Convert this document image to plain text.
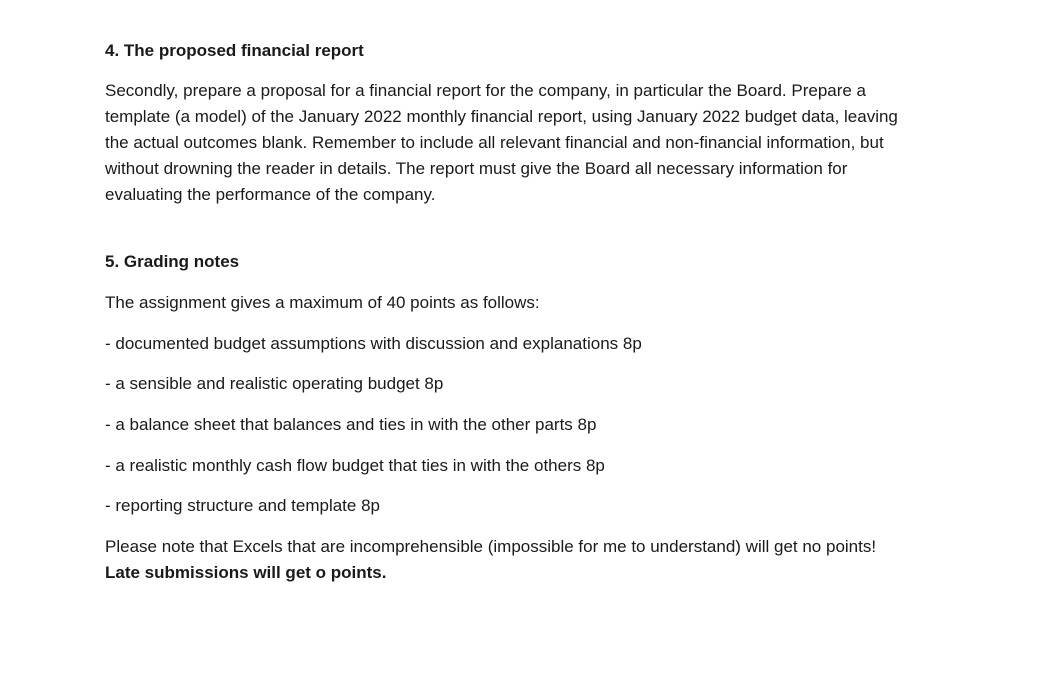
4. The proposed financial report

Secondly, prepare a proposal for a financial report for the company, in particular the Board. Prepare a template (a model) of the January 2022 monthly financial report, using January 2022 budget data, leaving the actual outcomes blank. Remember to include all relevant financial and non-financial information, but without drowning the reader in details. The report must give the Board all necessary information for evaluating the performance of the company.

5. Grading notes

The assignment gives a maximum of 40 points as follows:

- documented budget assumptions with discussion and explanations 8p

- a sensible and realistic operating budget 8p

- a balance sheet that balances and ties in with the other parts 8p

- a realistic monthly cash flow budget that ties in with the others 8p

- reporting structure and template 8p

Please note that Excels that are incomprehensible (impossible for me to understand) will get no points! Late submissions will get o points.
